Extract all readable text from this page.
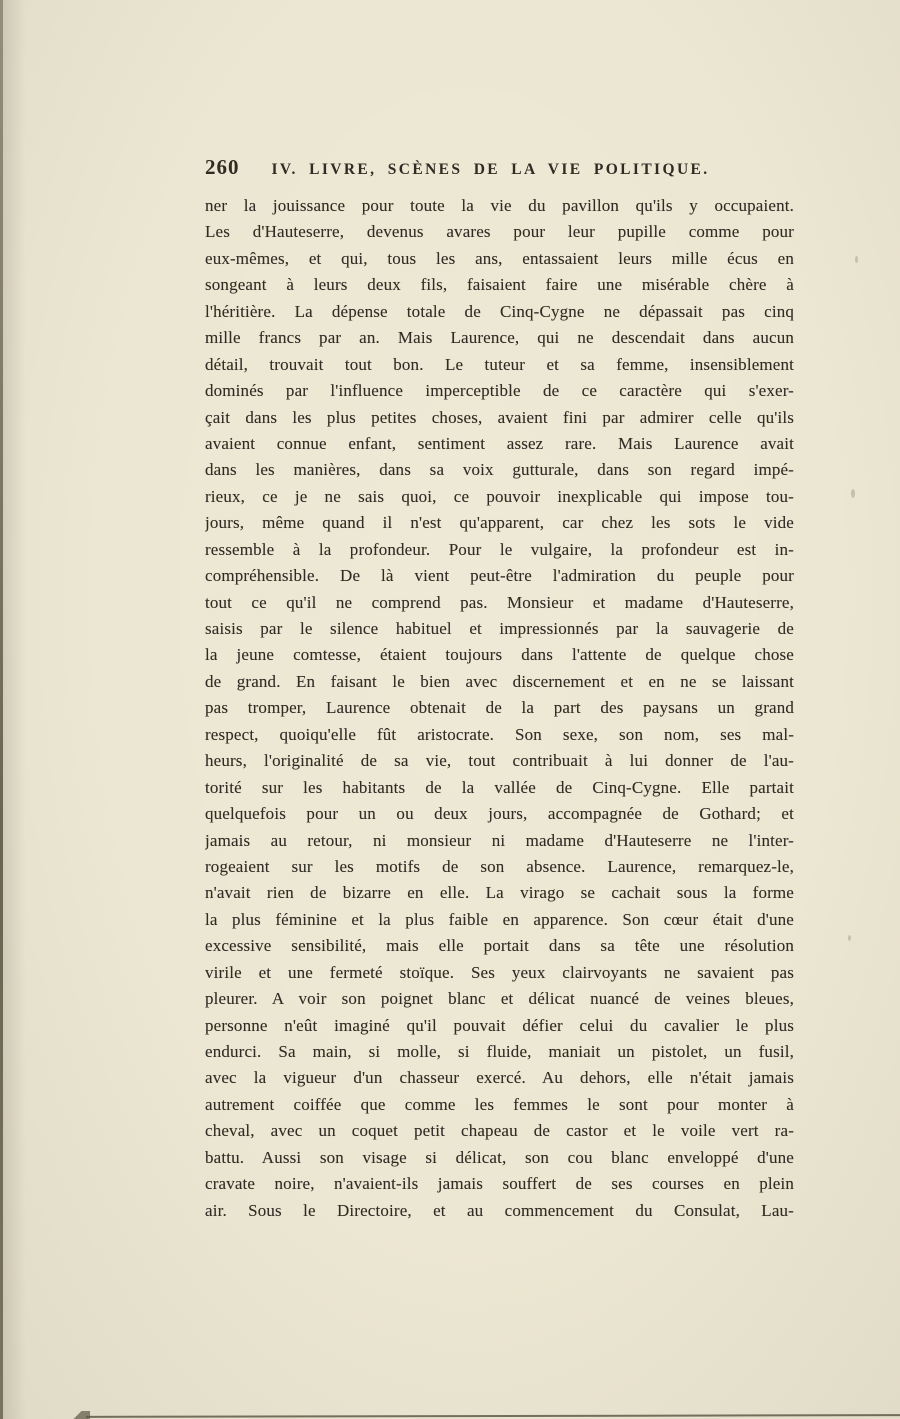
260 IV. LIVRE, SCÈNES DE LA VIE POLITIQUE.
ner la jouissance pour toute la vie du pavillon qu'ils y occupaient.
Les d'Hauteserre, devenus avares pour leur pupille comme pour
eux-mêmes, et qui, tous les ans, entassaient leurs mille écus en
songeant à leurs deux fils, faisaient faire une misérable chère à
l'héritière. La dépense totale de Cinq-Cygne ne dépassait pas cinq
mille francs par an. Mais Laurence, qui ne descendait dans aucun
détail, trouvait tout bon. Le tuteur et sa femme, insensiblement
dominés par l'influence imperceptible de ce caractère qui s'exer-
çait dans les plus petites choses, avaient fini par admirer celle qu'ils
avaient connue enfant, sentiment assez rare. Mais Laurence avait
dans les manières, dans sa voix gutturale, dans son regard impé-
rieux, ce je ne sais quoi, ce pouvoir inexplicable qui impose tou-
jours, même quand il n'est qu'apparent, car chez les sots le vide
ressemble à la profondeur. Pour le vulgaire, la profondeur est in-
compréhensible. De là vient peut-être l'admiration du peuple pour
tout ce qu'il ne comprend pas. Monsieur et madame d'Hauteserre,
saisis par le silence habituel et impressionnés par la sauvagerie de
la jeune comtesse, étaient toujours dans l'attente de quelque chose
de grand. En faisant le bien avec discernement et en ne se laissant
pas tromper, Laurence obtenait de la part des paysans un grand
respect, quoiqu'elle fût aristocrate. Son sexe, son nom, ses mal-
heurs, l'originalité de sa vie, tout contribuait à lui donner de l'au-
torité sur les habitants de la vallée de Cinq-Cygne. Elle partait
quelquefois pour un ou deux jours, accompagnée de Gothard; et
jamais au retour, ni monsieur ni madame d'Hauteserre ne l'inter-
rogeaient sur les motifs de son absence. Laurence, remarquez-le,
n'avait rien de bizarre en elle. La virago se cachait sous la forme
la plus féminine et la plus faible en apparence. Son cœur était d'une
excessive sensibilité, mais elle portait dans sa tête une résolution
virile et une fermeté stoïque. Ses yeux clairvoyants ne savaient pas
pleurer. A voir son poignet blanc et délicat nuancé de veines bleues,
personne n'eût imaginé qu'il pouvait défier celui du cavalier le plus
endurci. Sa main, si molle, si fluide, maniait un pistolet, un fusil,
avec la vigueur d'un chasseur exercé. Au dehors, elle n'était jamais
autrement coiffée que comme les femmes le sont pour monter à
cheval, avec un coquet petit chapeau de castor et le voile vert ra-
battu. Aussi son visage si délicat, son cou blanc enveloppé d'une
cravate noire, n'avaient-ils jamais souffert de ses courses en plein
air. Sous le Directoire, et au commencement du Consulat, Lau-
